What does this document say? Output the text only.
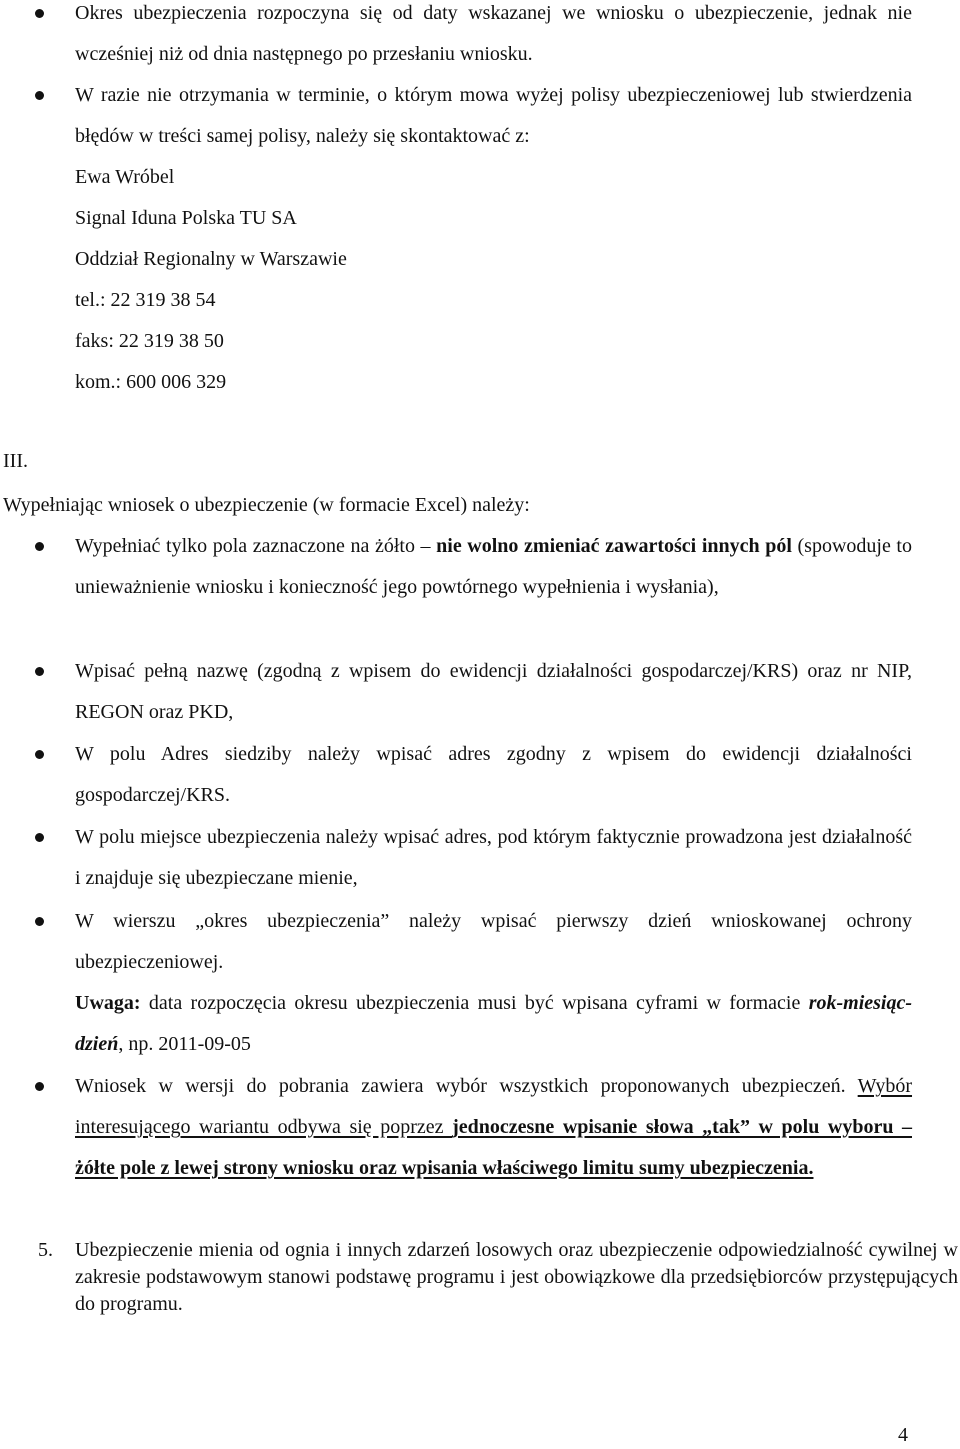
Okres ubezpieczenia rozpoczyna się od daty wskazanej we wniosku o ubezpieczenie, jednak nie wcześniej niż od dnia następnego po przesłaniu wniosku.

W razie nie otrzymania w terminie, o którym mowa wyżej polisy ubezpieczeniowej lub stwierdzenia błędów w treści samej polisy, należy się skontaktować z:

Ewa Wróbel
Signal Iduna Polska TU SA
Oddział Regionalny w Warszawie
tel.: 22 319 38 54
faks: 22 319 38 50
kom.: 600 006 329

III.

Wypełniając wniosek o ubezpieczenie (w formacie Excel) należy:

Wypełniać tylko pola zaznaczone na żółto – nie wolno zmieniać zawartości innych pól (spowoduje to unieważnienie wniosku i konieczność jego powtórnego wypełnienia i wysłania),

Wpisać pełną nazwę (zgodną z wpisem do ewidencji działalności gospodarczej/KRS) oraz nr NIP, REGON oraz PKD,

W polu Adres siedziby należy wpisać adres zgodny z wpisem do ewidencji działalności gospodarczej/KRS.

W polu miejsce ubezpieczenia należy wpisać adres, pod którym faktycznie prowadzona jest działalność i znajduje się ubezpieczane mienie,

W wierszu „okres ubezpieczenia” należy wpisać pierwszy dzień wnioskowanej ochrony ubezpieczeniowej.

Uwaga: data rozpoczęcia okresu ubezpieczenia musi być wpisana cyframi w formacie rok-miesiąc-dzień, np. 2011-09-05

Wniosek w wersji do pobrania zawiera wybór wszystkich proponowanych ubezpieczeń. Wybór interesującego wariantu odbywa się poprzez jednoczesne wpisanie słowa „tak” w polu wyboru – żółte pole z lewej strony wniosku oraz wpisania właściwego limitu sumy ubezpieczenia.

5. Ubezpieczenie mienia od ognia i innych zdarzeń losowych oraz ubezpieczenie odpowiedzialność cywilnej w zakresie podstawowym stanowi podstawę programu i jest obowiązkowe dla przedsiębiorców przystępujących do programu.

4
